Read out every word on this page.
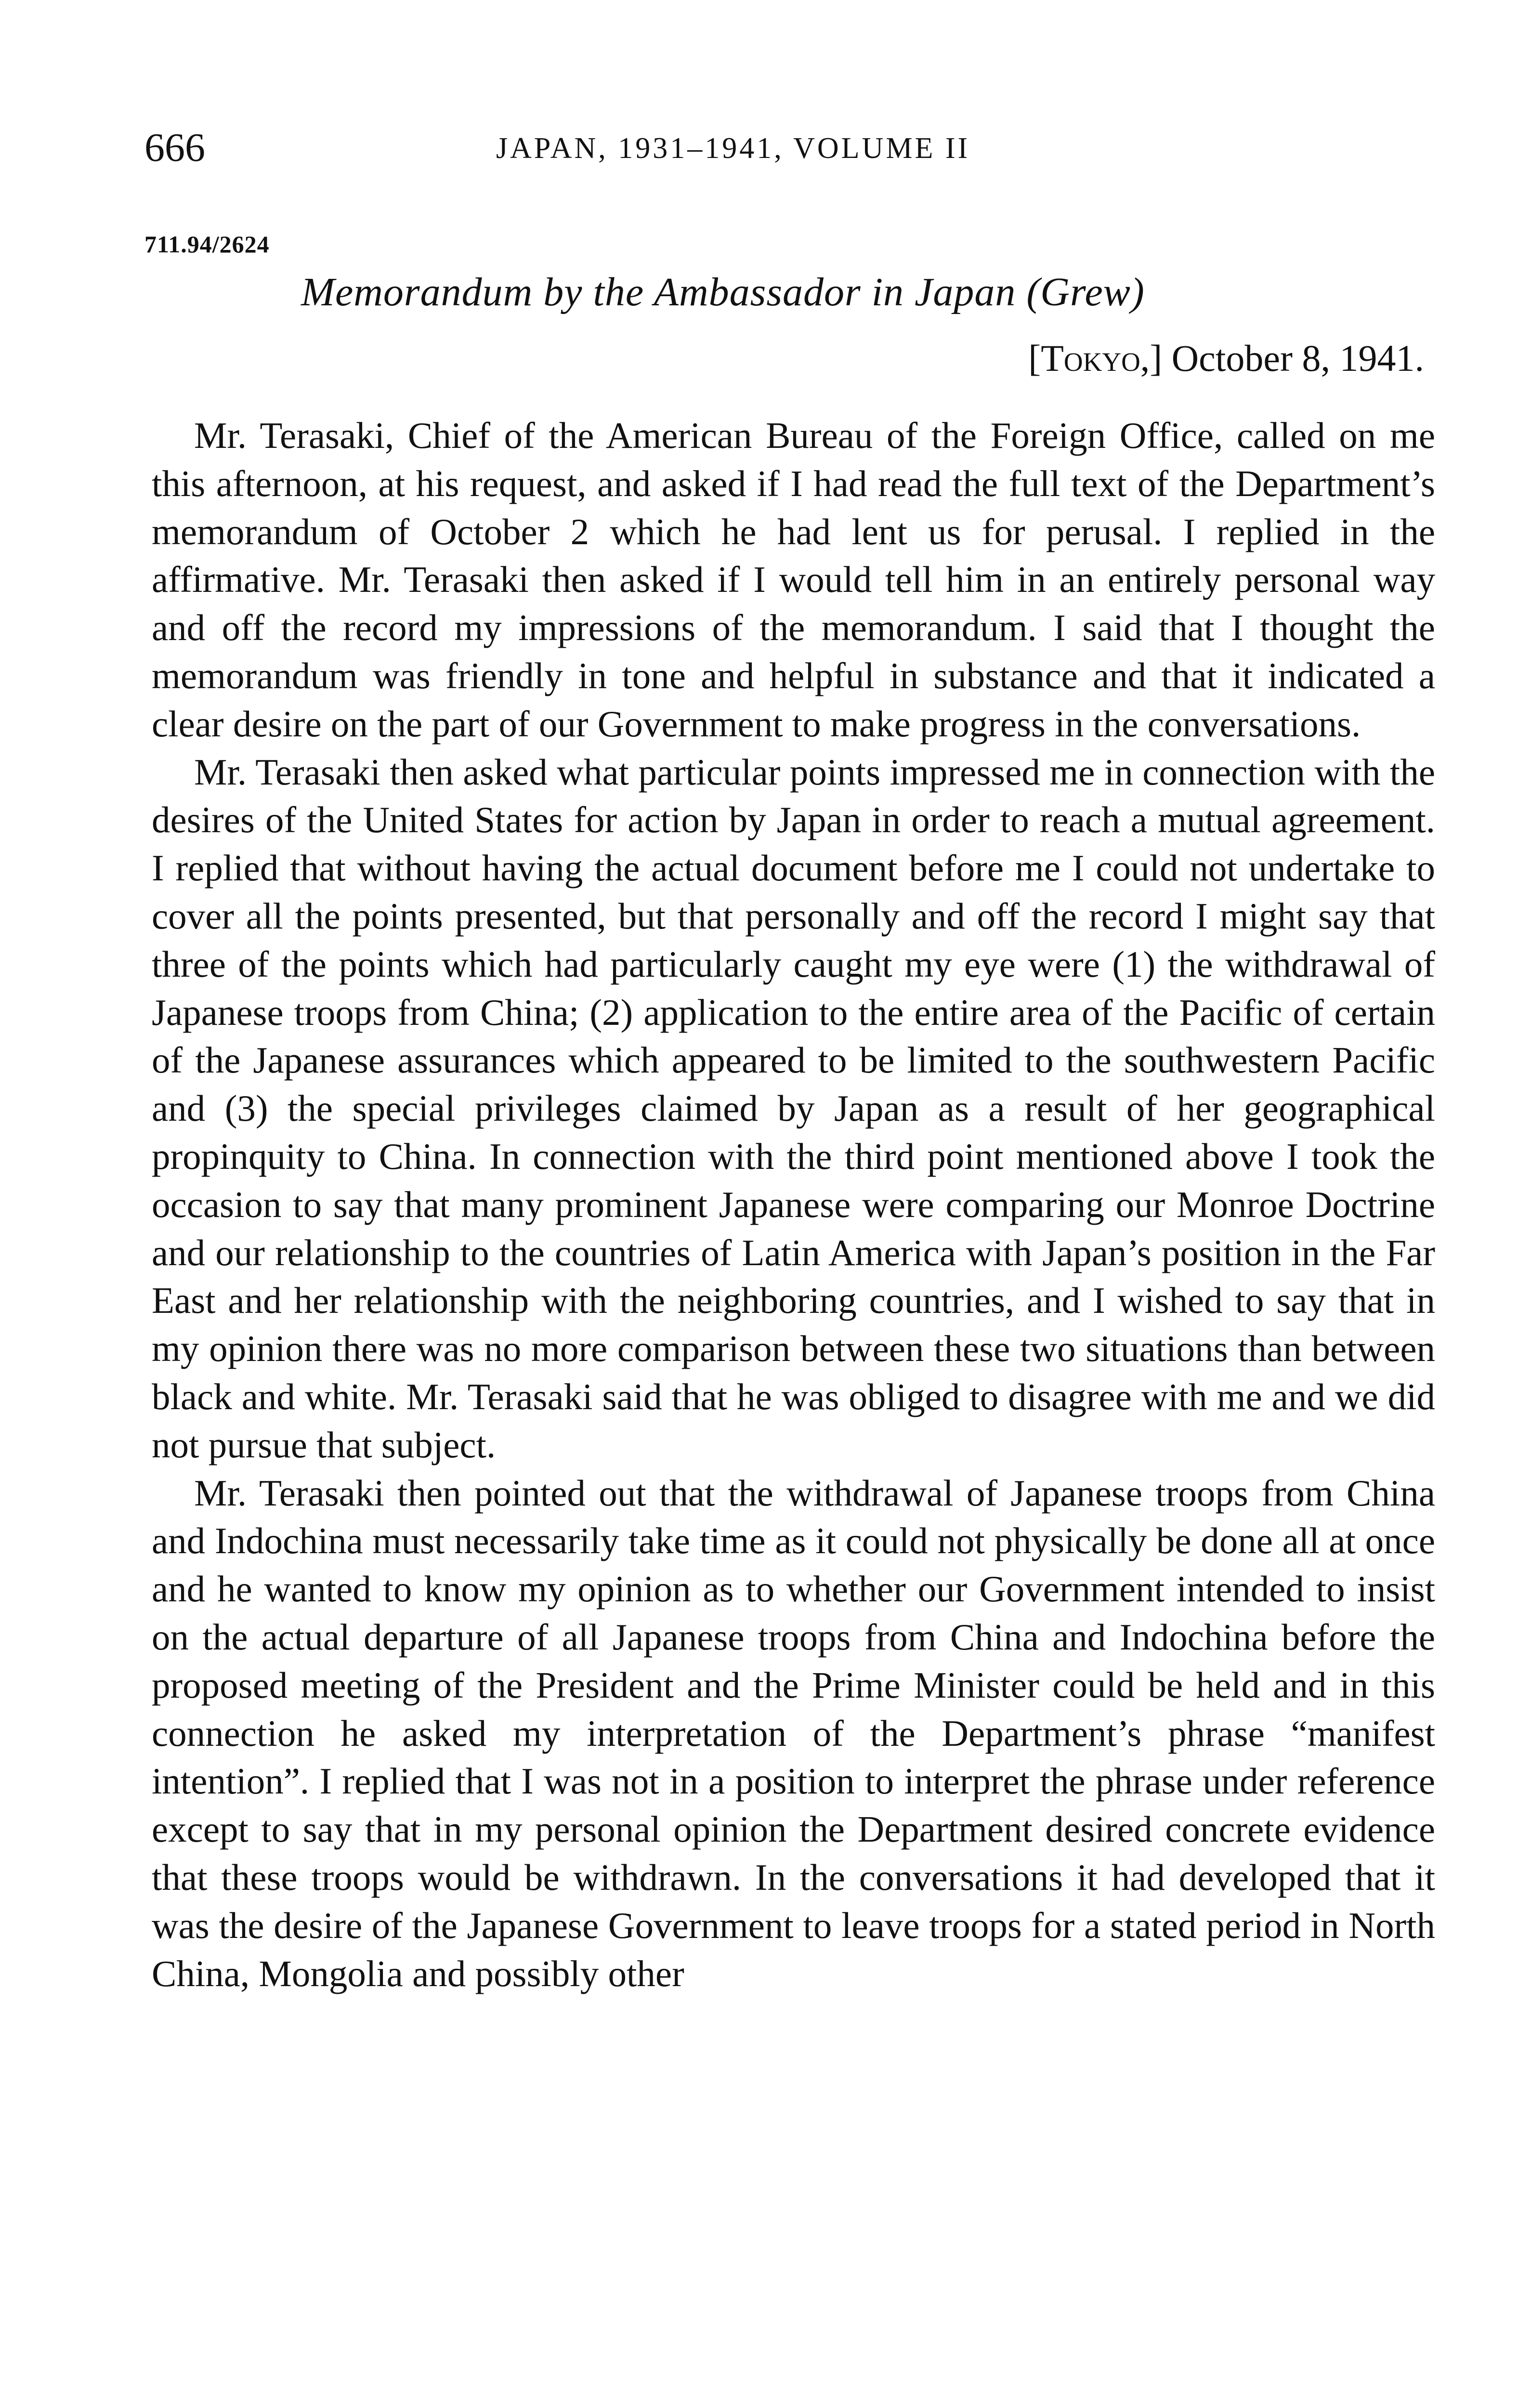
666	JAPAN, 1931–1941, VOLUME II
711.94/2624
Memorandum by the Ambassador in Japan (Grew)
[Tokyo,] October 8, 1941.

Mr. Terasaki, Chief of the American Bureau of the Foreign Office, called on me this afternoon, at his request, and asked if I had read the full text of the Department’s memorandum of October 2 which he had lent us for perusal. I replied in the affirmative. Mr. Terasaki then asked if I would tell him in an entirely personal way and off the record my impressions of the memorandum. I said that I thought the memorandum was friendly in tone and helpful in substance and that it indicated a clear desire on the part of our Government to make progress in the conversations.

Mr. Terasaki then asked what particular points impressed me in connection with the desires of the United States for action by Japan in order to reach a mutual agreement. I replied that without having the actual document before me I could not undertake to cover all the points presented, but that personally and off the record I might say that three of the points which had particularly caught my eye were (1) the withdrawal of Japanese troops from China; (2) application to the entire area of the Pacific of certain of the Japanese assurances which appeared to be limited to the southwestern Pacific and (3) the special privileges claimed by Japan as a result of her geographical propinquity to China. In connection with the third point mentioned above I took the occasion to say that many prominent Japanese were comparing our Monroe Doctrine and our relationship to the countries of Latin America with Japan’s position in the Far East and her relationship with the neighboring countries, and I wished to say that in my opinion there was no more comparison between these two situations than between black and white. Mr. Terasaki said that he was obliged to disagree with me and we did not pursue that subject.

Mr. Terasaki then pointed out that the withdrawal of Japanese troops from China and Indochina must necessarily take time as it could not physically be done all at once and he wanted to know my opinion as to whether our Government intended to insist on the actual departure of all Japanese troops from China and Indochina before the proposed meeting of the President and the Prime Minister could be held and in this connection he asked my interpretation of the Department’s phrase “manifest intention”. I replied that I was not in a position to interpret the phrase under reference except to say that in my personal opinion the Department desired concrete evidence that these troops would be withdrawn. In the conversations it had developed that it was the desire of the Japanese Government to leave troops for a stated period in North China, Mongolia and possibly other
